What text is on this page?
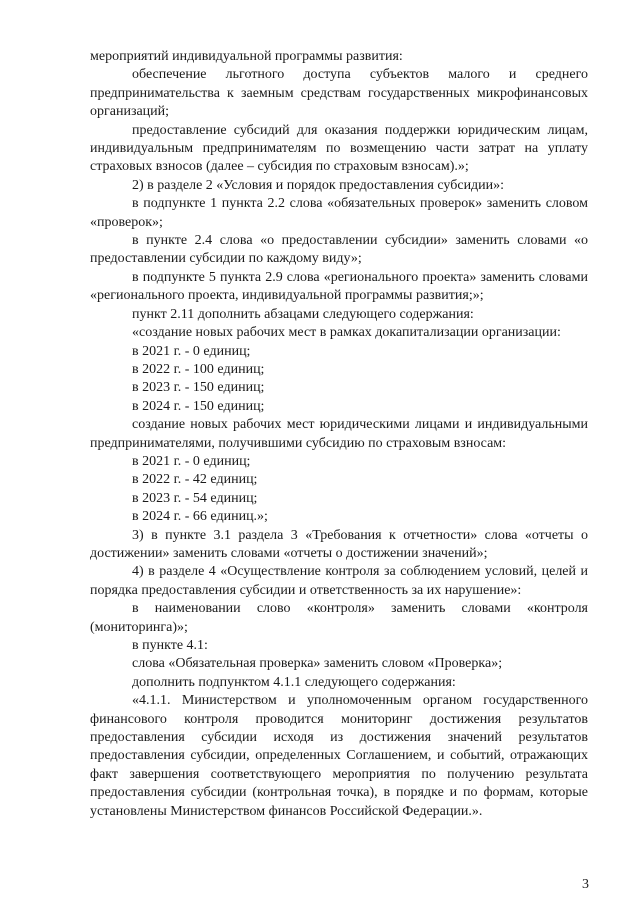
мероприятий индивидуальной программы развития:

обеспечение льготного доступа субъектов малого и среднего предпринимательства к заемным средствам государственных микрофинансовых организаций;

предоставление субсидий для оказания поддержки юридическим лицам, индивидуальным предпринимателям по возмещению части затрат на уплату страховых взносов (далее – субсидия по страховым взносам).»;

2) в разделе 2 «Условия и порядок предоставления субсидии»:

в подпункте 1 пункта 2.2 слова «обязательных проверок» заменить словом «проверок»;

в пункте 2.4 слова «о предоставлении субсидии» заменить словами «о предоставлении субсидии по каждому виду»;

в подпункте 5 пункта 2.9 слова «регионального проекта» заменить словами «регионального проекта, индивидуальной программы развития;»;

пункт 2.11 дополнить абзацами следующего содержания:

«создание новых рабочих мест в рамках докапитализации организации:

в 2021 г. - 0 единиц;

в 2022 г. - 100 единиц;

в 2023 г. - 150 единиц;

в 2024 г. - 150 единиц;

создание новых рабочих мест юридическими лицами и индивидуальными предпринимателями, получившими субсидию по страховым взносам:

в 2021 г. - 0 единиц;

в 2022 г. - 42 единиц;

в 2023 г. - 54 единиц;

в 2024 г. - 66 единиц.»;

3) в пункте 3.1 раздела 3 «Требования к отчетности» слова «отчеты о достижении» заменить словами «отчеты о достижении значений»;

4) в разделе 4 «Осуществление контроля за соблюдением условий, целей и порядка предоставления субсидии и ответственность за их нарушение»:

в наименовании слово «контроля» заменить словами «контроля (мониторинга)»;

в пункте 4.1:

слова «Обязательная проверка» заменить словом «Проверка»;

дополнить подпунктом 4.1.1 следующего содержания:

«4.1.1. Министерством и уполномоченным органом государственного финансового контроля проводится мониторинг достижения результатов предоставления субсидии исходя из достижения значений результатов предоставления субсидии, определенных Соглашением, и событий, отражающих факт завершения соответствующего мероприятия по получению результата предоставления субсидии (контрольная точка), в порядке и по формам, которые установлены Министерством финансов Российской Федерации.».

3
